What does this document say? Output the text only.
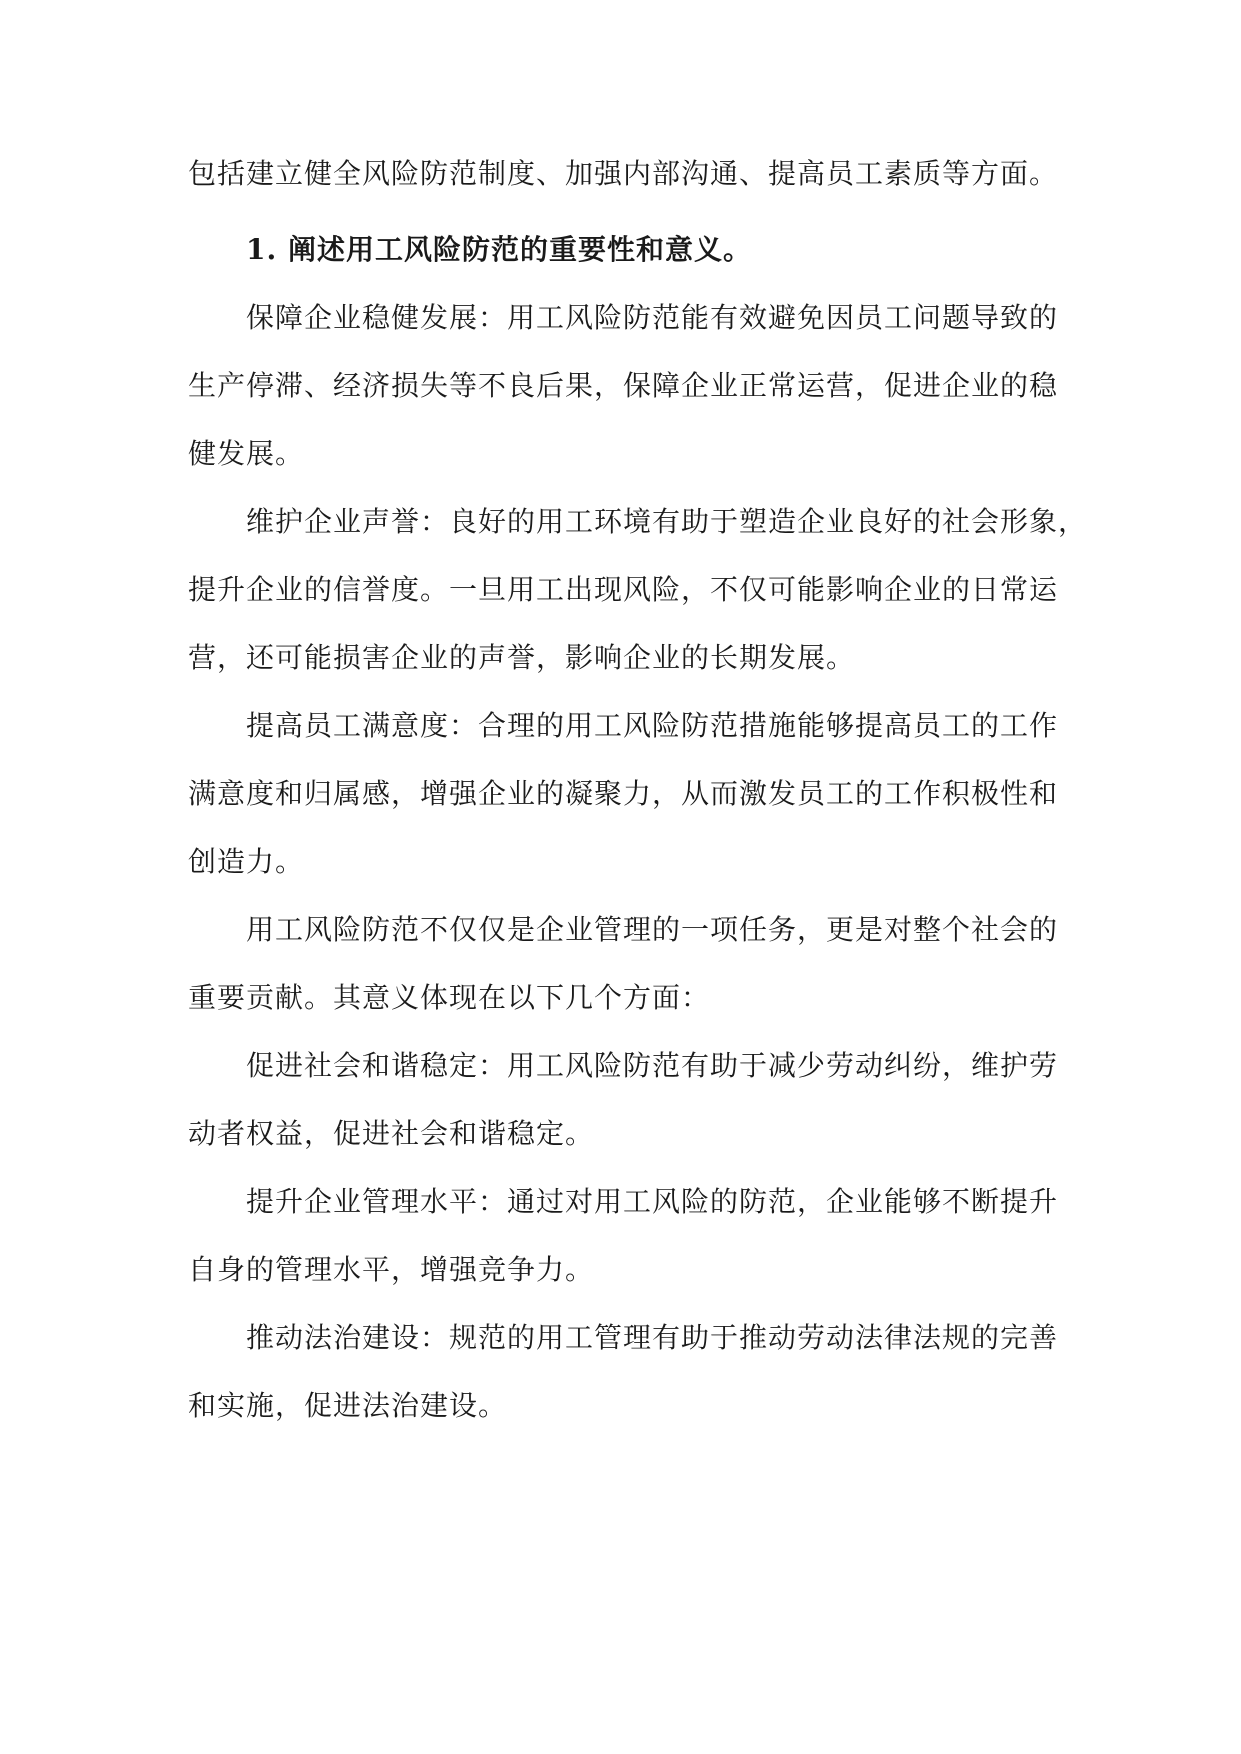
包括建立健全风险防范制度、加强内部沟通、提高员工素质等方面。
1. 阐述用工风险防范的重要性和意义。
保障企业稳健发展：用工风险防范能有效避免因员工问题导致的
生产停滞、经济损失等不良后果，保障企业正常运营，促进企业的稳
健发展。
维护企业声誉：良好的用工环境有助于塑造企业良好的社会形象，
提升企业的信誉度。一旦用工出现风险，不仅可能影响企业的日常运
营，还可能损害企业的声誉，影响企业的长期发展。
提高员工满意度：合理的用工风险防范措施能够提高员工的工作
满意度和归属感，增强企业的凝聚力，从而激发员工的工作积极性和
创造力。
用工风险防范不仅仅是企业管理的一项任务，更是对整个社会的
重要贡献。其意义体现在以下几个方面：
促进社会和谐稳定：用工风险防范有助于减少劳动纠纷，维护劳
动者权益，促进社会和谐稳定。
提升企业管理水平：通过对用工风险的防范，企业能够不断提升
自身的管理水平，增强竞争力。
推动法治建设：规范的用工管理有助于推动劳动法律法规的完善
和实施，促进法治建设。
